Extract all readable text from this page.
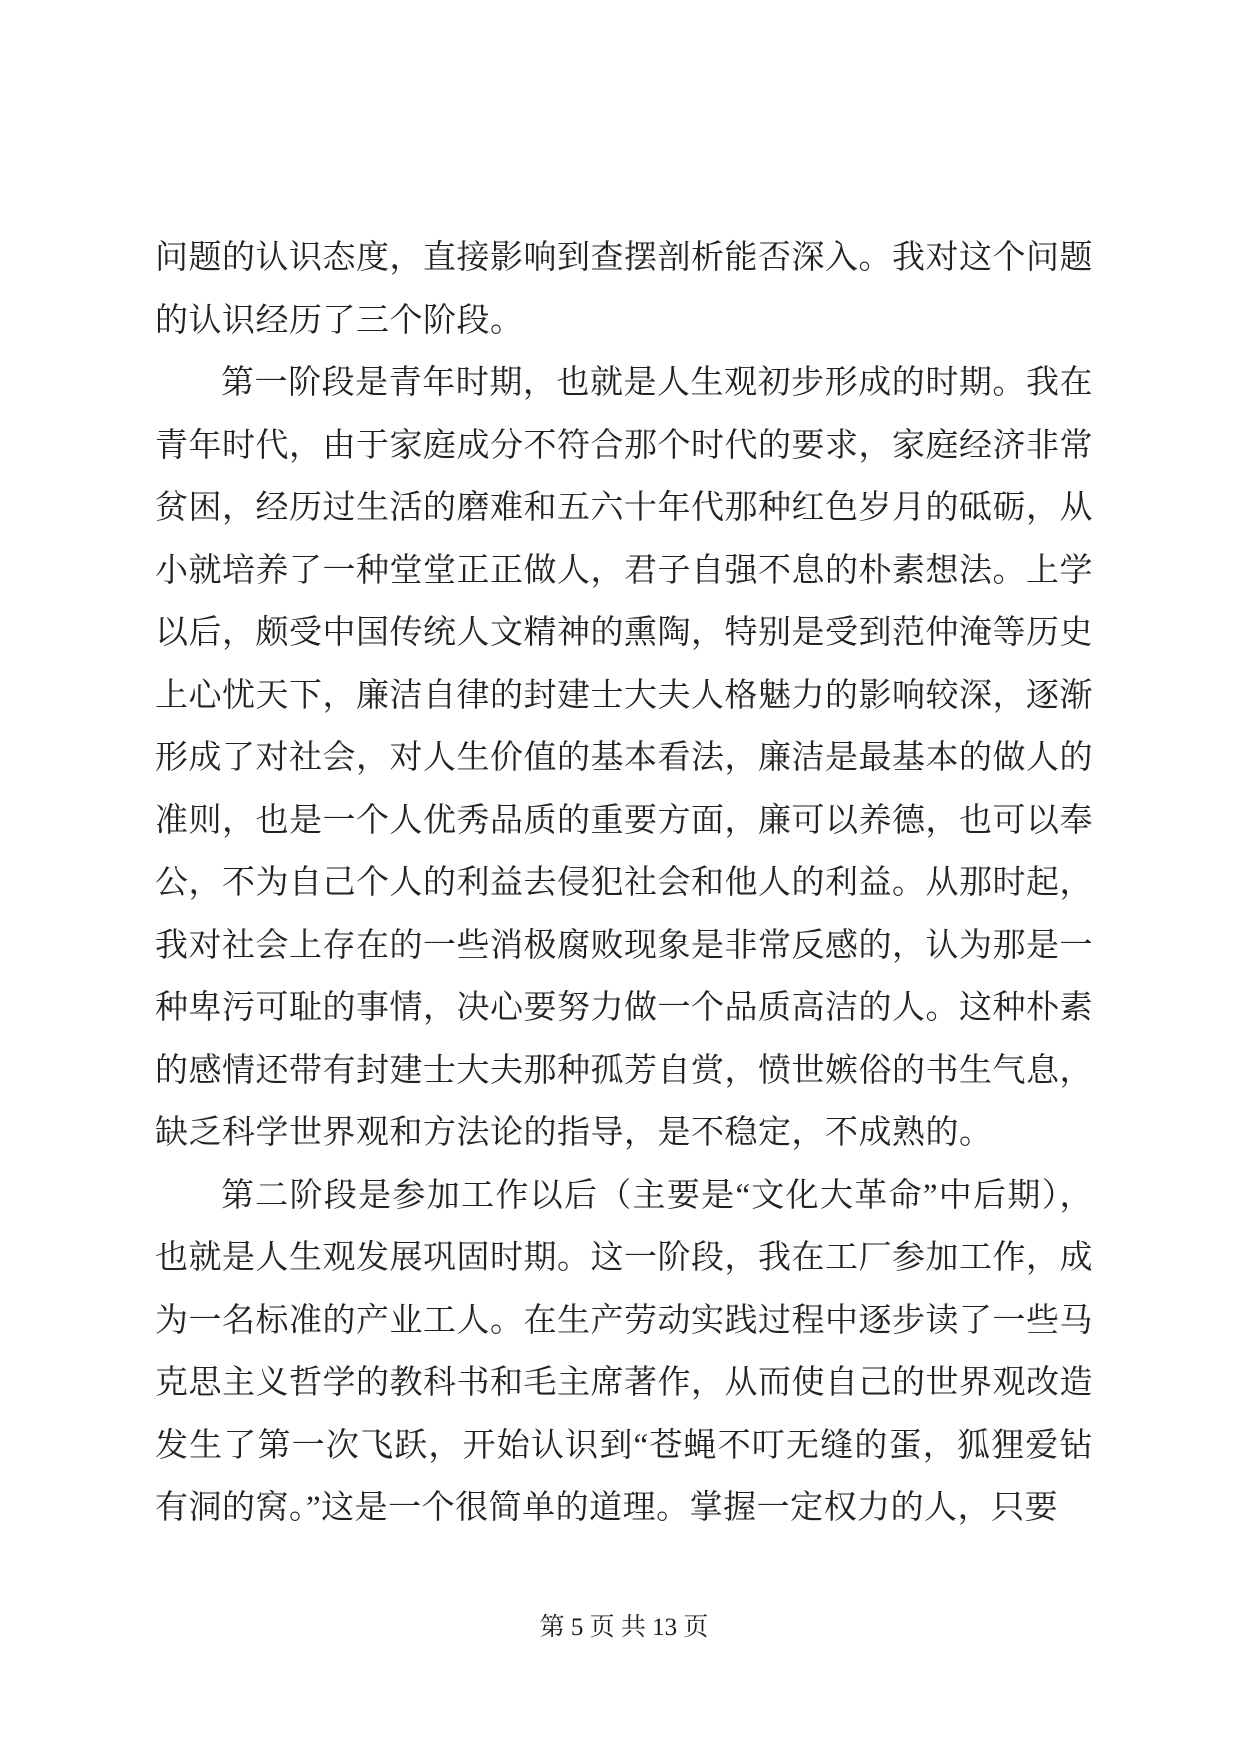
问题的认识态度，直接影响到查摆剖析能否深入。我对这个问题的认识经历了三个阶段。

第一阶段是青年时期，也就是人生观初步形成的时期。我在青年时代，由于家庭成分不符合那个时代的要求，家庭经济非常贫困，经历过生活的磨难和五六十年代那种红色岁月的砥砺，从小就培养了一种堂堂正正做人，君子自强不息的朴素想法。上学以后，颇受中国传统人文精神的熏陶，特别是受到范仲淹等历史上心忧天下，廉洁自律的封建士大夫人格魅力的影响较深，逐渐形成了对社会，对人生价值的基本看法，廉洁是最基本的做人的准则，也是一个人优秀品质的重要方面，廉可以养德，也可以奉公，不为自己个人的利益去侵犯社会和他人的利益。从那时起，我对社会上存在的一些消极腐败现象是非常反感的，认为那是一种卑污可耻的事情，决心要努力做一个品质高洁的人。这种朴素的感情还带有封建士大夫那种孤芳自赏，愤世嫉俗的书生气息，缺乏科学世界观和方法论的指导，是不稳定，不成熟的。

第二阶段是参加工作以后（主要是“文化大革命”中后期），也就是人生观发展巩固时期。这一阶段，我在工厂参加工作，成为一名标准的产业工人。在生产劳动实践过程中逐步读了一些马克思主义哲学的教科书和毛主席著作，从而使自己的世界观改造发生了第一次飞跃，开始认识到“苍蝇不叮无缝的蛋，狐狸爱钻有洞的窝。”这是一个很简单的道理。掌握一定权力的人，只要

第 5 页 共 13 页
